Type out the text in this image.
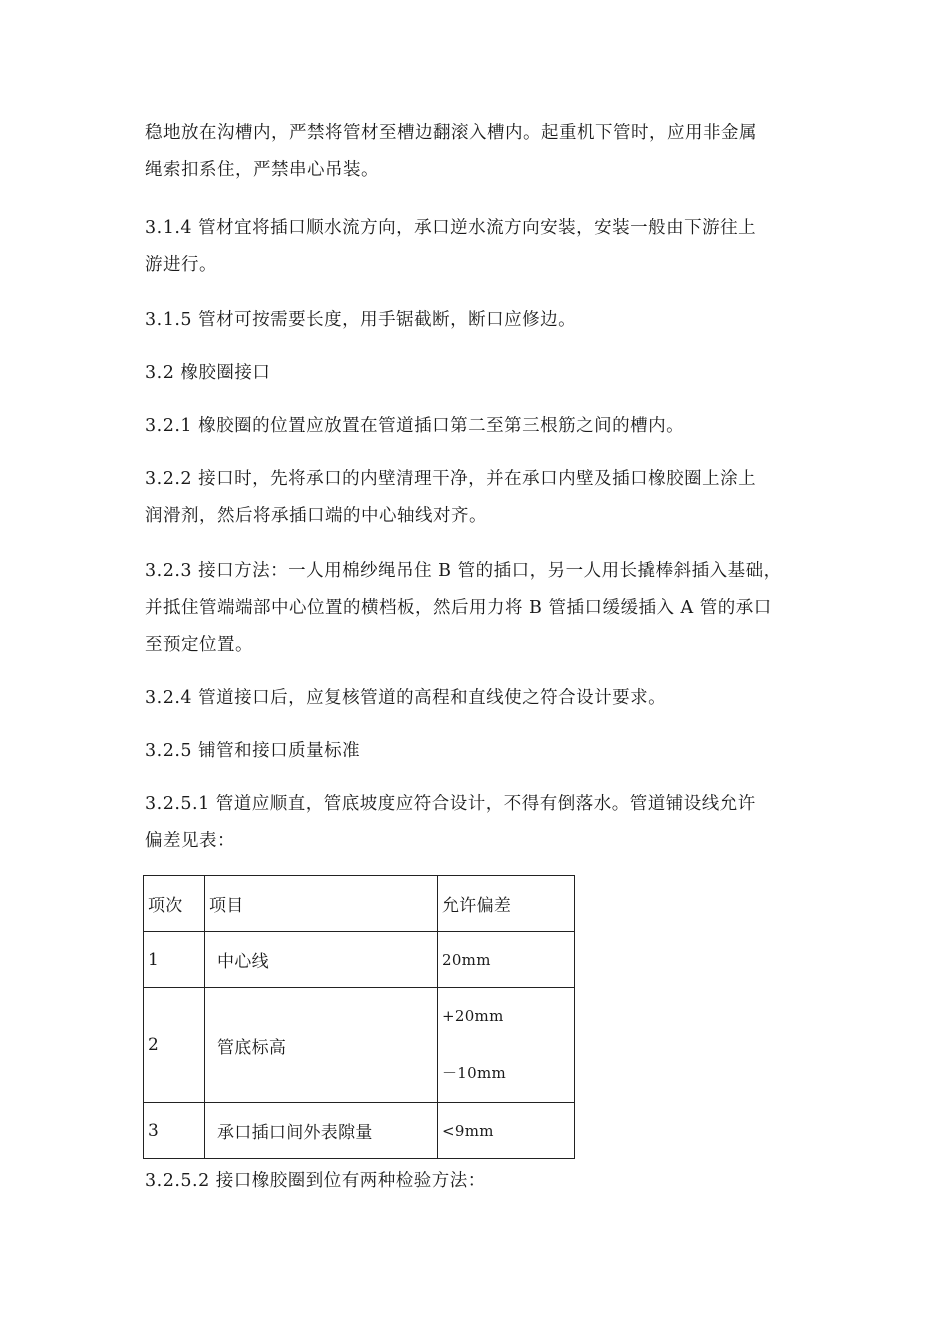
稳地放在沟槽内，严禁将管材至槽边翻滚入槽内。起重机下管时，应用非金属
绳索扣系住，严禁串心吊装。

3.1.4 管材宜将插口顺水流方向，承口逆水流方向安装，安装一般由下游往上
游进行。

3.1.5 管材可按需要长度，用手锯截断，断口应修边。

3.2 橡胶圈接口

3.2.1 橡胶圈的位置应放置在管道插口第二至第三根筋之间的槽内。

3.2.2 接口时，先将承口的内壁清理干净，并在承口内壁及插口橡胶圈上涂上
润滑剂，然后将承插口端的中心轴线对齐。

3.2.3 接口方法：一人用棉纱绳吊住 B 管的插口，另一人用长撬棒斜插入基础，
并抵住管端端部中心位置的横档板，然后用力将 B 管插口缓缓插入 A 管的承口
至预定位置。

3.2.4 管道接口后，应复核管道的高程和直线使之符合设计要求。

3.2.5 铺管和接口质量标准

3.2.5.1 管道应顺直，管底坡度应符合设计，不得有倒落水。管道铺设线允许
偏差见表：

项次	项目	允许偏差
1	中心线	20mm
2	管底标高	+20mm
－10mm

3	承口插口间外表隙量	<9mm

3.2.5.2 接口橡胶圈到位有两种检验方法：
